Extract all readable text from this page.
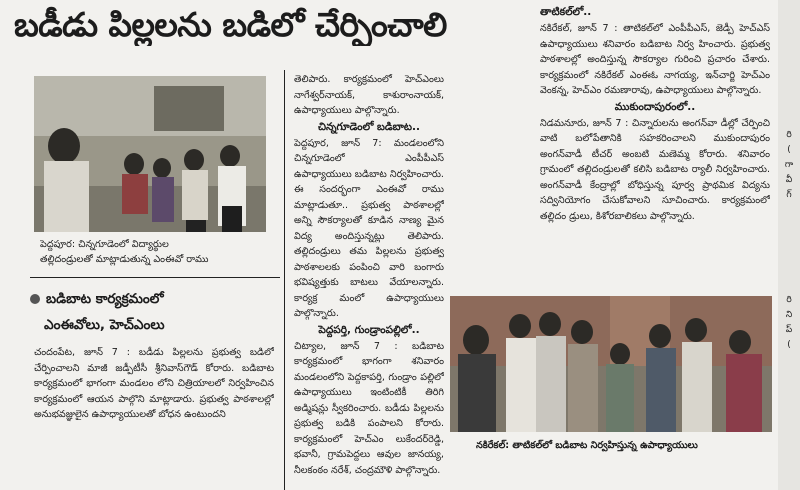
బడీడు పిల్లలను బడిలో చేర్పించాలి
పెద్దపూర: చిన్నగూడెంలో విద్యార్థుల
తల్లిదండ్రులతో మాట్లాడుతున్న ఎంఈవో రాము
బడిబాట కార్యక్రమంలో
ఎంఈవోలు, హెచ్ఎంలు

చందంపేట, జూన్ 7 : బడీడు పిల్లలను ప్రభుత్వ బడిలో చేర్పించాలని మాజీ జడ్పీటీసీ శ్రీనివాస్‌గౌడ్ కోరారు. బడిబాట కార్యక్రమంలో భాగంగా మండలం లోని చిత్రియాలలో నిర్వహించిన కార్యక్రమంలో ఆయన పాల్గొని మాట్లాడారు. ప్రభుత్వ పాఠశాలల్లో అనుభవజ్ఞులైన ఉపాధ్యాయులతో బోధన ఉంటుందని

తెలిపారు. కార్యక్రమంలో హెచ్ఎంలు నాగేశ్వర్‌నాయక్, కాశురాంనాయక్, ఉపాధ్యాయులు పాల్గొన్నారు.

చిన్నగూడెంలో బడిబాట..

పెద్దపూర, జూన్ 7: మండలంలోని చిన్నగూడెంలో ఎంపీపీఎస్ ఉపాధ్యాయులు బడిబాట నిర్వహించారు. ఈ సందర్భంగా ఎంఈవో రాము మాట్లాడుతూ.. ప్రభుత్వ పాఠశాలల్లో అన్ని సౌకర్యాలతో కూడిన నాణ్య మైన విద్య అందిస్తున్నట్లు తెలిపారు. తల్లిదండ్రులు తమ పిల్లలను ప్రభుత్వ పాఠశాలలకు పంపించి వారి బంగారు భవిష్యత్తుకు బాటలు వేయాలన్నారు. కార్యక్ర మంలో ఉపాధ్యాయులు పాల్గొన్నారు.

పెద్దపర్తి, గుండ్రాంపల్లిలో..

చిట్యాల, జూన్ 7 : బడిబాట కార్యక్రమంలో భాగంగా శనివారం మండలంలోని పెద్దకాపర్తి, గుండ్రాం పల్లిలో ఉపాధ్యాయులు ఇంటింటికీ తిరిగి అడ్మిషన్లు స్వీకరించారు. బడీడు పిల్లలను ప్రభుత్వ బడికి పంపాలని కోరారు. కార్యక్రమంలో హెచ్ఎం లుకేందర్‌రెడ్డి, భవానీ, గ్రామపెద్దలు ఆవుల జానయ్య, నీలకంఠం నరేశ్, చంద్రమౌళి పాల్గొన్నారు.

తాటికల్‌లో..

నకిరేకల్, జూన్ 7 : తాటికల్‌లో ఎంపీపీఎస్, జెడ్పీ హెచ్ఎస్ ఉపాధ్యాయులు శనివారం బడిబాట నిర్వ హించారు. ప్రభుత్వ పాఠశాలల్లో అందిస్తున్న సౌకర్యాల గురించి ప్రచారం చేశారు. కార్యక్రమంలో నకిరేకల్ ఎంఈఓ నాగయ్య, ఇన్‌చార్జి హెచ్ఎం వెంకన్న, హెచ్ఎం రమణారావు, ఉపాధ్యాయులు పాల్గొన్నారు.

ముకుందాపురంలో..

నిడమనూరు, జూన్ 7 : చిన్నారులను అంగన్‌వా డీల్లో చేర్పించి వాటి బలోపేతానికి సహకరించాలని ముకుందాపురం అంగన్‌వాడీ టీచర్ అంబటి మణెమ్మ కోరారు. శనివారం గ్రామంలో తల్లిదండ్రులతో కలిసి బడిబాట ర్యాలీ నిర్వహించారు. అంగన్‌వాడీ కేంద్రాల్లో బోధిస్తున్న పూర్వ ప్రాథమిక విద్యను సద్వినియోగం చేసుకోవాలని సూచించారు. కార్యక్రమంలో తల్లిదం డ్రులు, కిశోరబాలికలు పాల్గొన్నారు.

నకిరేకల్: తాటికల్‌లో బడిబాట నిర్వహిస్తున్న ఉపాధ్యాయులు
రి
(
గా
వీ
గ్
రి
ని
ప్
(
